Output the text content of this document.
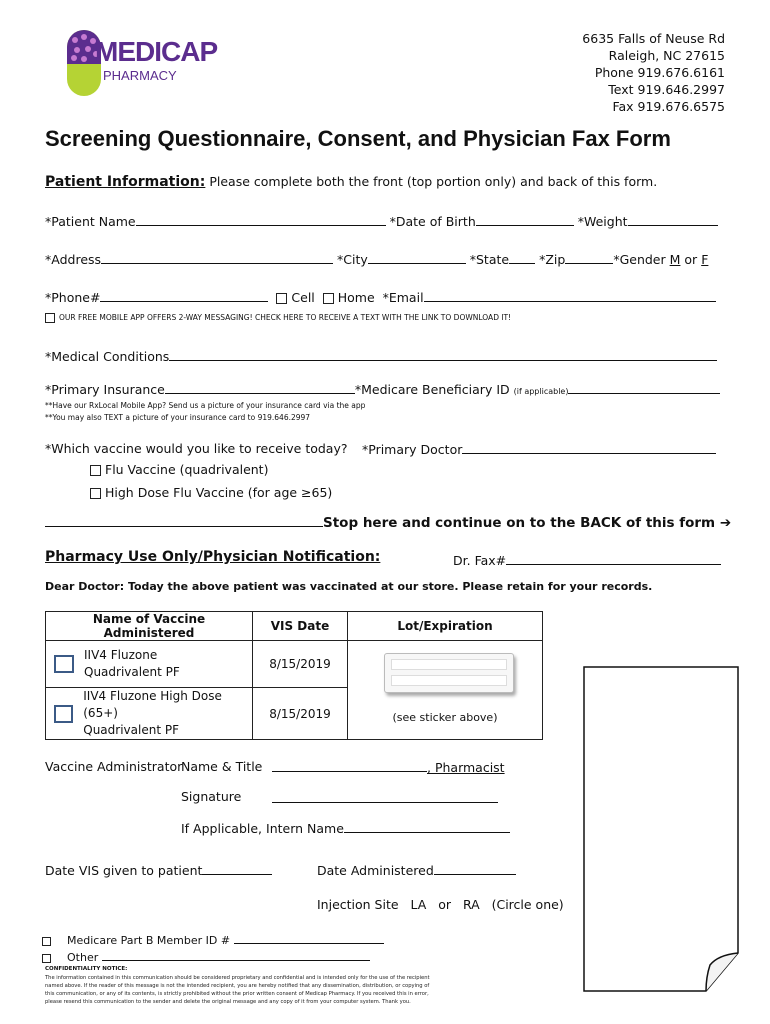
MEDICAP
PHARMACY
6635 Falls of Neuse Rd
Raleigh, NC 27615
Phone 919.676.6161
Text 919.646.2997
Fax 919.676.6575
Screening Questionnaire, Consent, and Physician Fax Form
Patient Information: Please complete both the front (top portion only) and back of this form.
*Patient Name	*Date of Birth	*Weight
*Address	*City	*State *Zip	*Gender M or F
*Phone#	Cell Home *Email
OUR FREE MOBILE APP OFFERS 2-WAY MESSAGING! CHECK HERE TO RECEIVE A TEXT WITH THE LINK TO DOWNLOAD IT!
*Medical Conditions
*Primary Insurance	*Medicare Beneficiary ID (if applicable)
**Have our RxLocal Mobile App? Send us a picture of your insurance card via the app
**You may also TEXT a picture of your insurance card to 919.646.2997
*Which vaccine would you like to receive today? *Primary Doctor
Flu Vaccine (quadrivalent)
High Dose Flu Vaccine (for age ≥65)
Stop here and continue on to the BACK of this form ➔
Pharmacy Use Only/Physician Notification:	Dr. Fax#
Dear Doctor: Today the above patient was vaccinated at our store. Please retain for your records.
Name of Vaccine Administered	VIS Date	Lot/Expiration

IIV4 Fluzone
Quadrivalent PF	8/15/2019	(see sticker above)

IIV4 Fluzone High Dose (65+)
Quadrivalent PF	8/15/2019	
Vaccine Administrator
Name & Title	, Pharmacist
Signature
If Applicable, Intern Name
Date VIS given to patient	Date Administered
Injection Site LA or RA (Circle one)
Medicare Part B Member ID #
Other
CONFIDENTIALITY NOTICE:
The information contained in this communication should be considered proprietary and confidential and is intended only for the use of the recipient named above. If the reader of this message is not the intended recipient, you are hereby notified that any dissemination, distribution, or copying of this communication, or any of its contents, is strictly prohibited without the prior written consent of Medicap Pharmacy. If you received this in error, please resend this communication to the sender and delete the original message and any copy of it from your computer system. Thank you.
